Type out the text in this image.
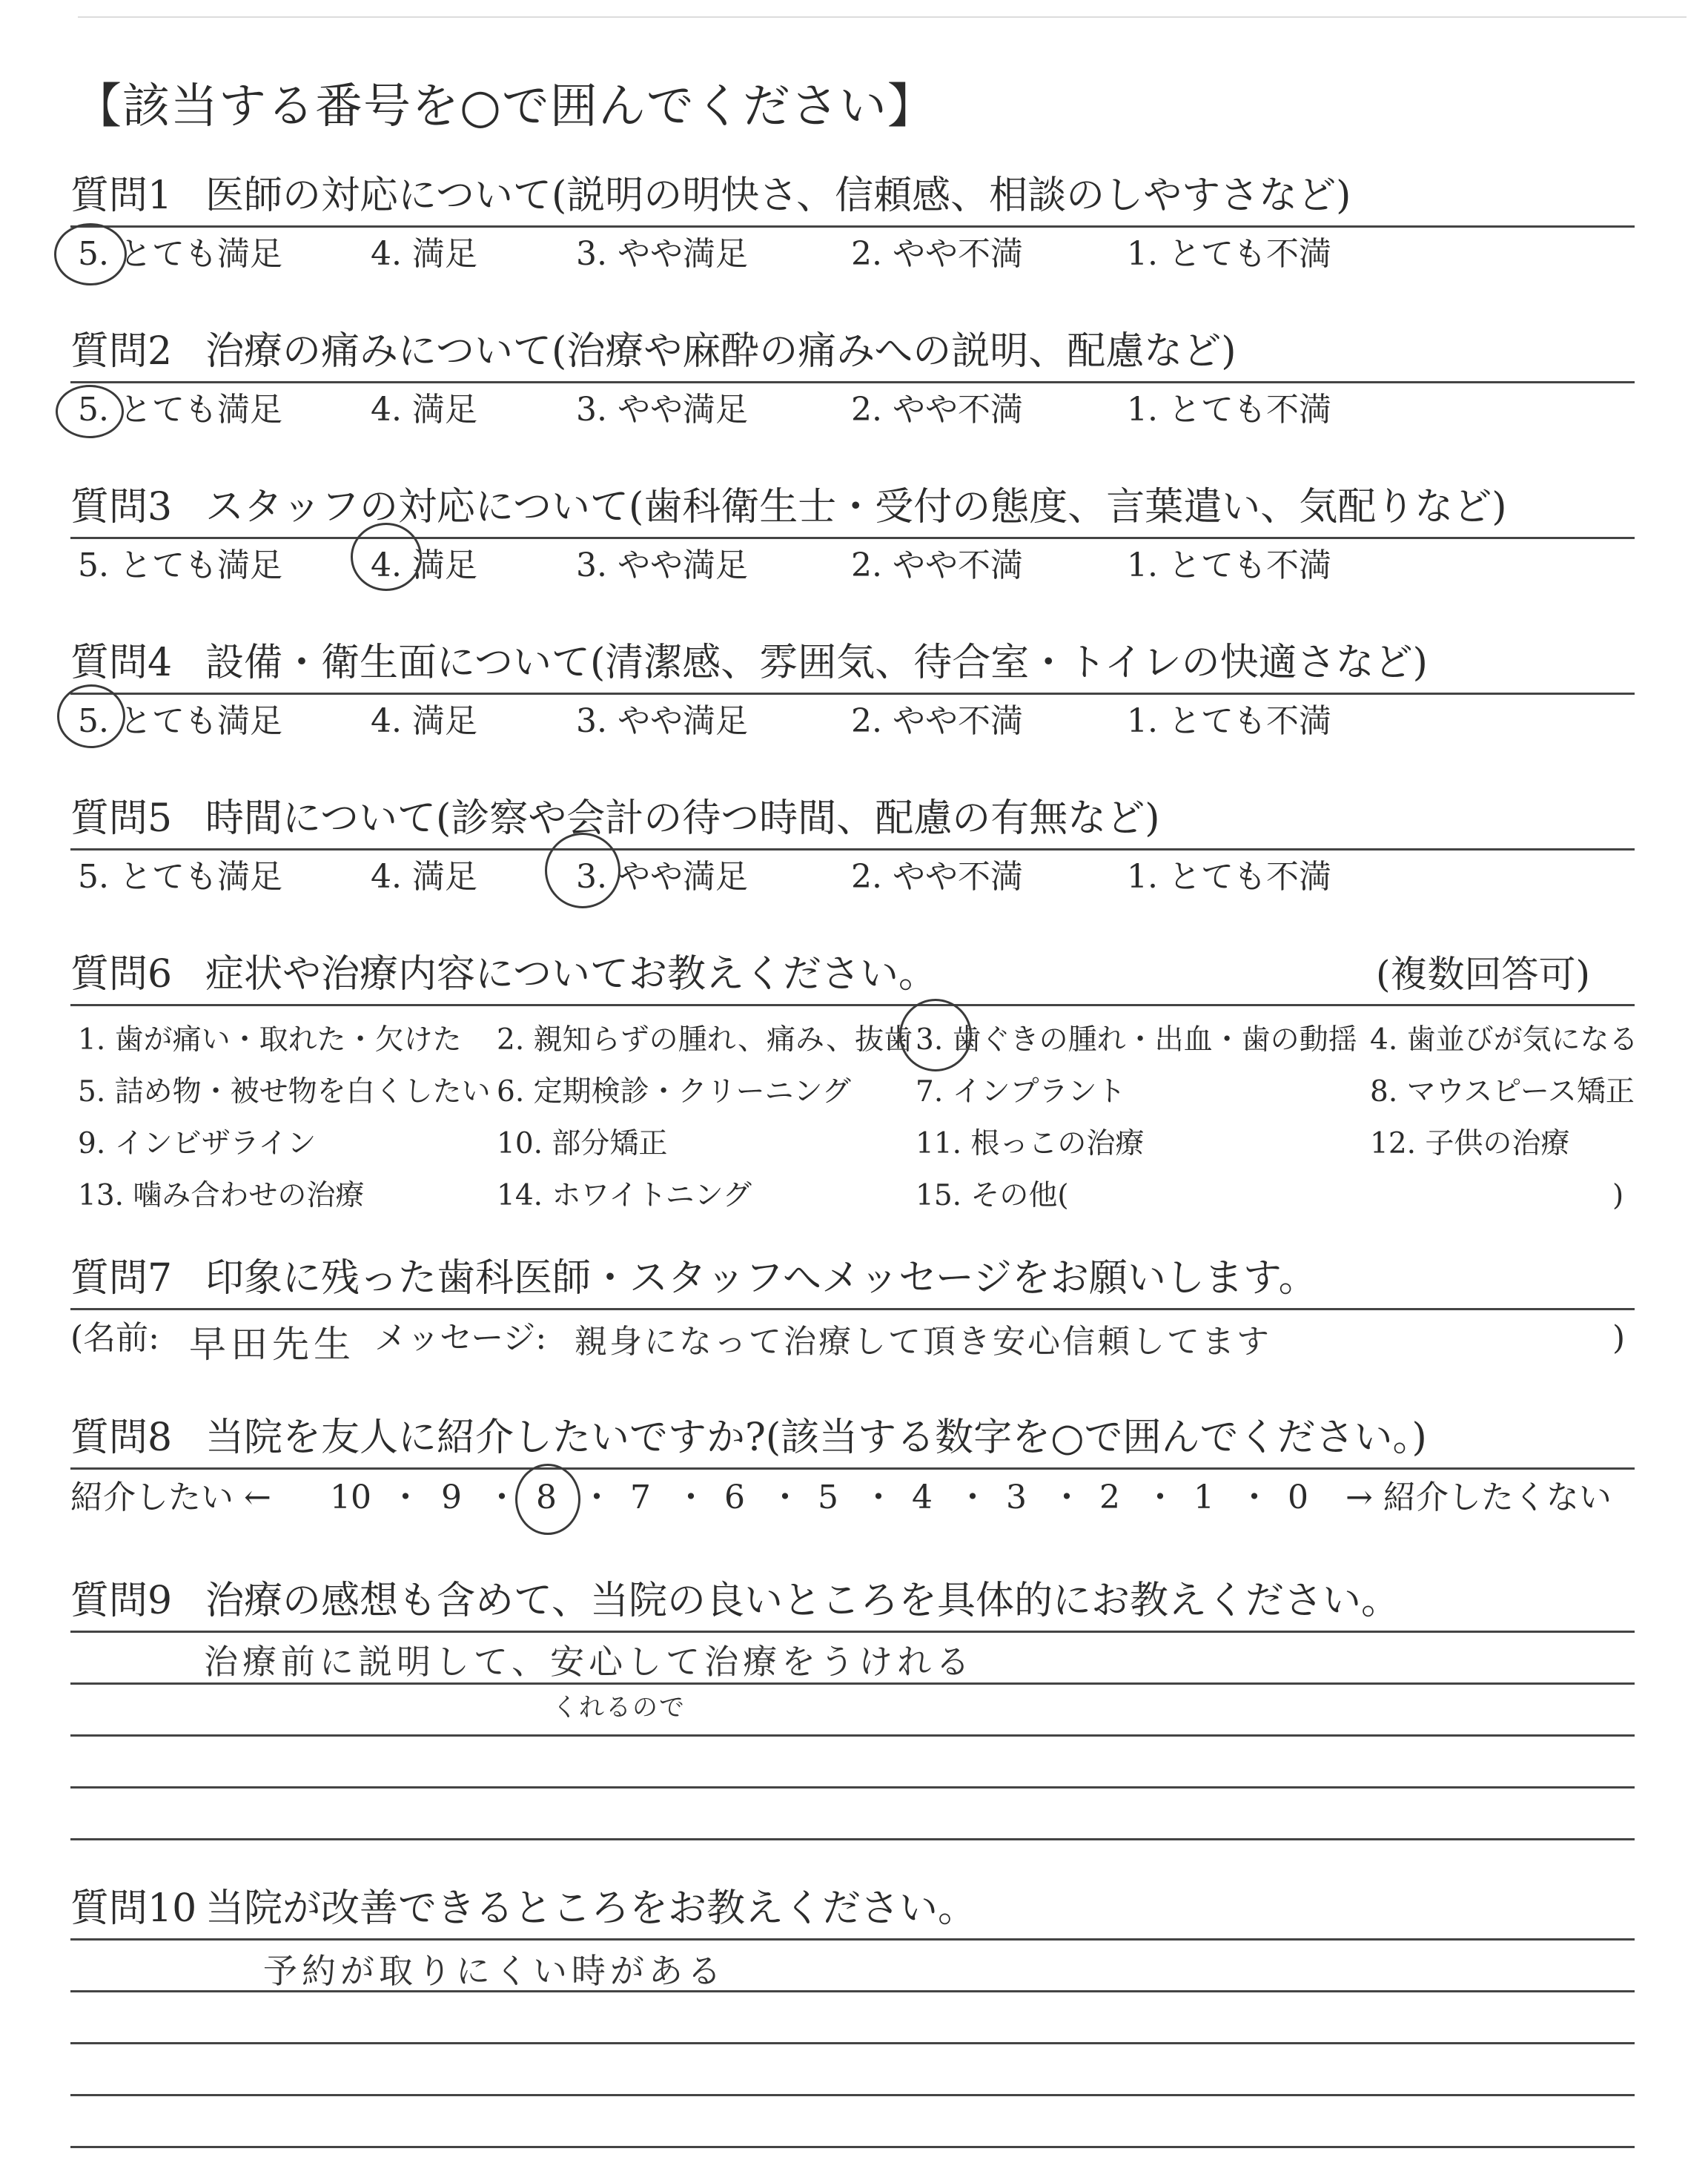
【該当する番号を○で囲んでください】
質問1 医師の対応について(説明の明快さ、信頼感、相談のしやすさなど)
5. とても満足	4. 満足	3. やや満足	2. やや不満	1. とても不満
質問2 治療の痛みについて(治療や麻酔の痛みへの説明、配慮など)
5. とても満足	4. 満足	3. やや満足	2. やや不満	1. とても不満
質問3 スタッフの対応について(歯科衛生士・受付の態度、言葉遣い、気配りなど)
5. とても満足	4. 満足	3. やや満足	2. やや不満	1. とても不満
質問4 設備・衛生面について(清潔感、雰囲気、待合室・トイレの快適さなど)
5. とても満足	4. 満足	3. やや満足	2. やや不満	1. とても不満
質問5 時間について(診察や会計の待つ時間、配慮の有無など)
5. とても満足	4. 満足	3. やや満足	2. やや不満	1. とても不満
質問6 症状や治療内容についてお教えください。	(複数回答可)
1. 歯が痛い・取れた・欠けた 2. 親知らずの腫れ、痛み、抜歯 3. 歯ぐきの腫れ・出血・歯の動揺 4. 歯並びが気になる
5. 詰め物・被せ物を白くしたい 6. 定期検診・クリーニング 7. インプラント	8. マウスピース矯正
9. インビザライン	10. 部分矯正	11. 根っこの治療	12. 子供の治療
13. 噛み合わせの治療	14. ホワイトニング	15. その他(	)
質問7 印象に残った歯科医師・スタッフへメッセージをお願いします。
(名前: 早田先生 メッセージ: 親身になって治療して頂き安心信頼してます	)
質問8 当院を友人に紹介したいですか?(該当する数字を○で囲んでください。)
紹介したい ← 10 ・ 9 ・ 8 ・ 7 ・ 6 ・ 5 ・ 4 ・ 3 ・ 2 ・ 1 ・ 0 → 紹介したくない
質問9 治療の感想も含めて、当院の良いところを具体的にお教えください。
治療前に説明して、安心して治療をうけれる
くれるので
質問10 当院が改善できるところをお教えください。
予約が取りにくい時がある
